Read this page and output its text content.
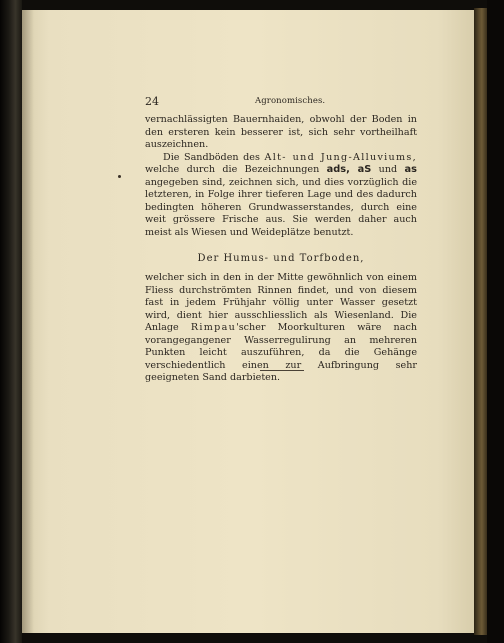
24	Agronomisches.

vernachlässigten Bauernhaiden, obwohl der Boden in den ersteren kein besserer ist, sich sehr vortheilhaft auszeichnen.

Die Sandböden des Alt- und Jung-Alluviums, welche durch die Bezeichnungen ads, aS und as angegeben sind, zeichnen sich, und dies vorzüglich die letzteren, in Folge ihrer tieferen Lage und des dadurch bedingten höheren Grundwasserstandes, durch eine weit grössere Frische aus. Sie werden daher auch meist als Wiesen und Weideplätze benutzt.

Der Humus- und Torfboden,

welcher sich in den in der Mitte gewöhnlich von einem Fliess durchströmten Rinnen findet, und von diesem fast in jedem Frühjahr völlig unter Wasser gesetzt wird, dient hier ausschliesslich als Wiesenland. Die Anlage Rimpau'scher Moorkulturen wäre nach vorangegangener Wasserregulirung an mehreren Punkten leicht auszuführen, da die Gehänge verschiedentlich einen zur Aufbringung sehr geeigneten Sand darbieten.
